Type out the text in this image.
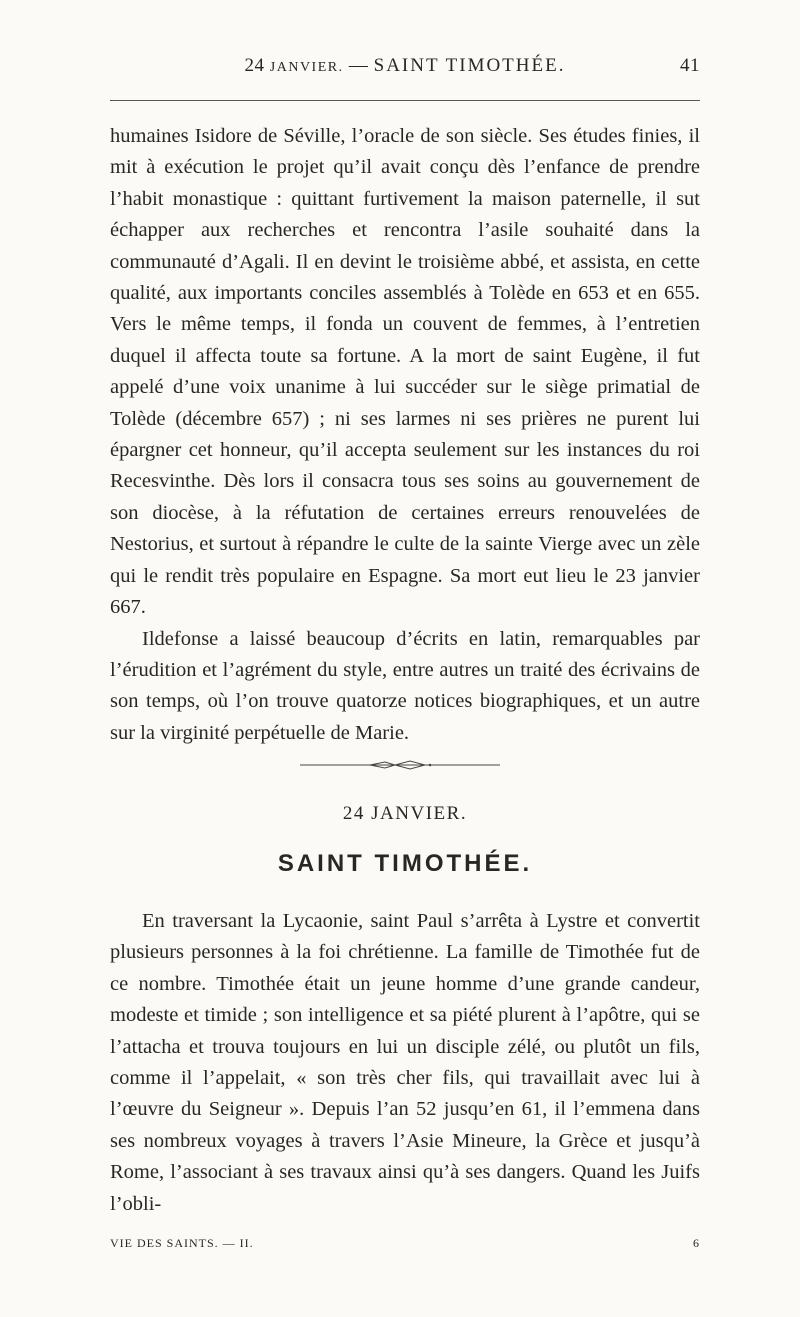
24 JANVIER. — SAINT TIMOTHÉE.	41

humaines Isidore de Séville, l’oracle de son siècle. Ses études finies, il mit à exécution le projet qu’il avait conçu dès l’enfance de prendre l’habit monastique : quittant furtivement la maison paternelle, il sut échapper aux recherches et rencontra l’asile souhaité dans la communauté d’Agali. Il en devint le troisième abbé, et assista, en cette qualité, aux importants conciles assemblés à Tolède en 653 et en 655. Vers le même temps, il fonda un couvent de femmes, à l’entretien duquel il affecta toute sa fortune. A la mort de saint Eugène, il fut appelé d’une voix unanime à lui succéder sur le siège primatial de Tolède (décembre 657) ; ni ses larmes ni ses prières ne purent lui épargner cet honneur, qu’il accepta seulement sur les instances du roi Recesvinthe. Dès lors il consacra tous ses soins au gouvernement de son diocèse, à la réfutation de certaines erreurs renouvelées de Nestorius, et surtout à répandre le culte de la sainte Vierge avec un zèle qui le rendit très populaire en Espagne. Sa mort eut lieu le 23 janvier 667.

Ildefonse a laissé beaucoup d’écrits en latin, remarquables par l’érudition et l’agrément du style, entre autres un traité des écrivains de son temps, où l’on trouve quatorze notices biographiques, et un autre sur la virginité perpétuelle de Marie.

24 JANVIER.
SAINT TIMOTHÉE.

En traversant la Lycaonie, saint Paul s’arrêta à Lystre et convertit plusieurs personnes à la foi chrétienne. La famille de Timothée fut de ce nombre. Timothée était un jeune homme d’une grande candeur, modeste et timide ; son intelligence et sa piété plurent à l’apôtre, qui se l’attacha et trouva toujours en lui un disciple zélé, ou plutôt un fils, comme il l’appelait, « son très cher fils, qui travaillait avec lui à l’œuvre du Seigneur ». Depuis l’an 52 jusqu’en 61, il l’emmena dans ses nombreux voyages à travers l’Asie Mineure, la Grèce et jusqu’à Rome, l’associant à ses travaux ainsi qu’à ses dangers. Quand les Juifs l’obli-

VIE DES SAINTS. — II.	6
